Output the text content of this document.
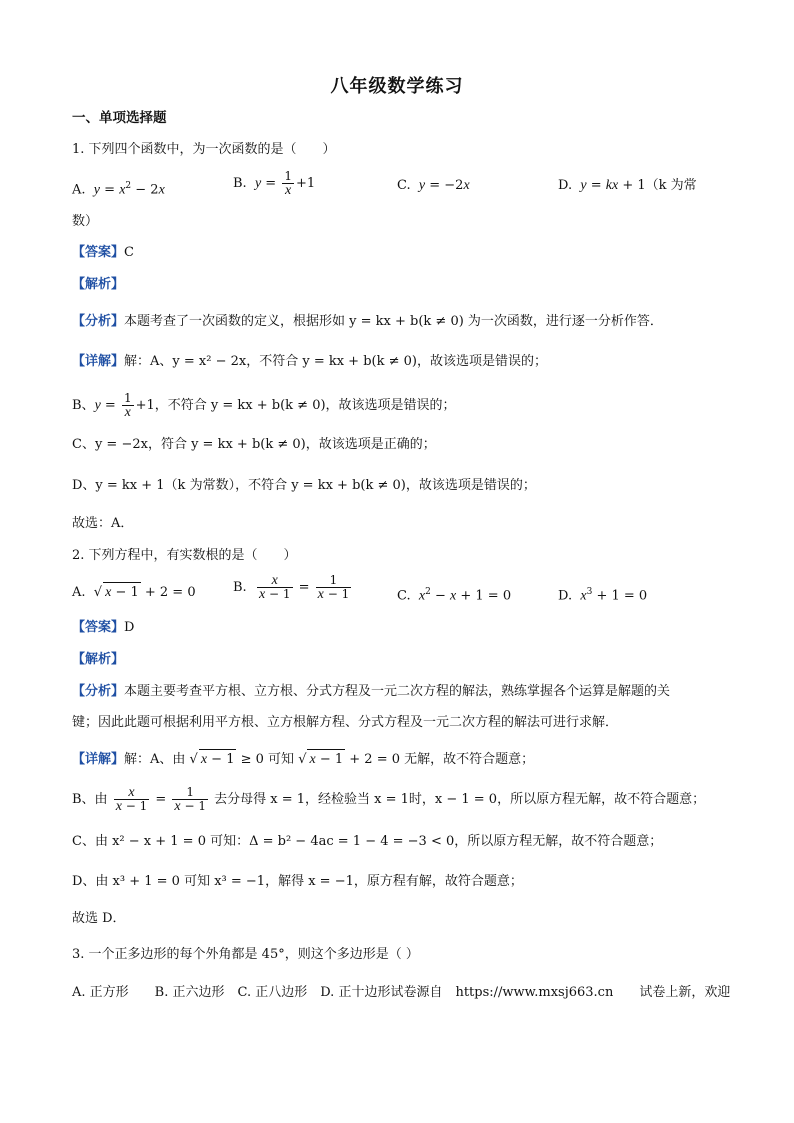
八年级数学练习
一、单项选择题
1. 下列四个函数中，为一次函数的是（　　）
A. $y = x^2 - 2x$	B. $y = \frac{1}{x} +1$	C. y = −2x	D. y = kx + 1（k 为常
数）
【答案】C
【解析】
【分析】本题考查了一次函数的定义，根据形如 y = kx + b(k ≠ 0) 为一次函数，进行逐一分析作答．
【详解】解：A、y = x² − 2x，不符合 y = kx + b(k ≠ 0)，故该选项是错误的；
B、$y = \frac{1}{x} +1$，不符合 y = kx + b(k ≠ 0)，故该选项是错误的；
C、y = −2x，符合 y = kx + b(k ≠ 0)，故该选项是正确的；
D、y = kx + 1（k 为常数），不符合 y = kx + b(k ≠ 0)，故该选项是错误的；
故选：A．
2. 下列方程中，有实数根的是（　　）
A.  √ x − 1 + 2 = 0	B. $\frac{x}{x - 1} = \frac{1}{x - 1}$	C. $x^2 - x + 1 = 0$	D. $x^3 + 1 = 0$
【答案】D
【解析】
【分析】本题主要考查平方根、立方根、分式方程及一元二次方程的解法，熟练掌握各个运算是解题的关
键；因此此题可根据利用平方根、立方根解方程、分式方程及一元二次方程的解法可进行求解．
【详解】解：A、由 √ x − 1 ≥ 0 可知 √ x − 1 + 2 = 0 无解，故不符合题意；
B、由 $\frac{x}{x - 1} = \frac{1}{x - 1}$ 去分母得 x = 1，经检验当 x = 1时，x − 1 = 0，所以原方程无解，故不符合题意；
C、由 x² − x + 1 = 0 可知：Δ = b² − 4ac = 1 − 4 = −3 < 0，所以原方程无解，故不符合题意；
D、由 x³ + 1 = 0 可知 x³ = −1，解得 x = −1，原方程有解，故符合题意；
故选 D．
3. 一个正多边形的每个外角都是 45°，则这个多边形是（ ）
A. 正方形　　B. 正六边形　C. 正八边形　D. 正十边形试卷源自　https://www.mxsj663.cn　　试卷上新，欢迎
